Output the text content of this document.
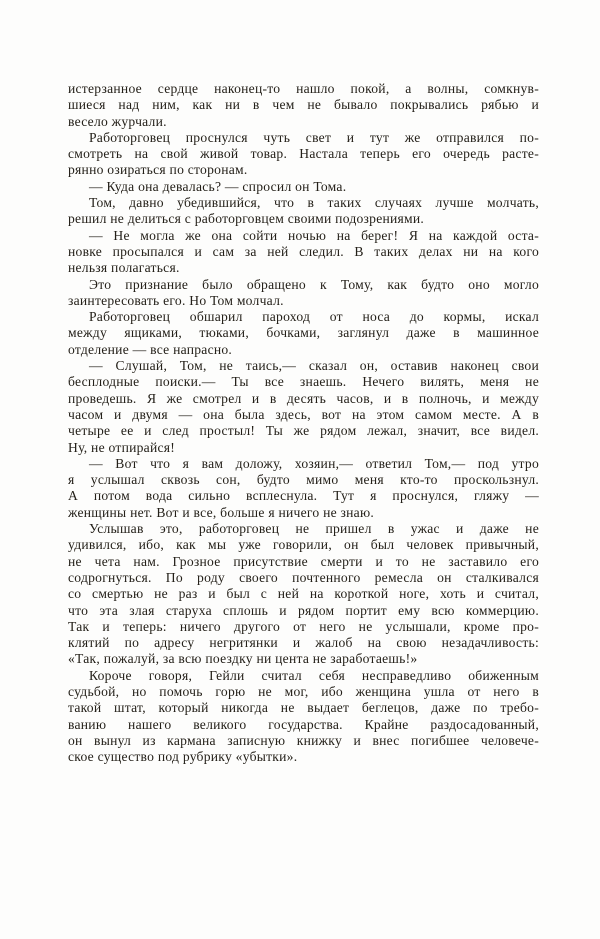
истерзанное сердце наконец-то нашло покой, а волны, сомкнув-
шиеся над ним, как ни в чем не бывало покрывались рябью и
весело журчали.
Работорговец проснулся чуть свет и тут же отправился по-
смотреть на свой живой товар. Настала теперь его очередь расте-
рянно озираться по сторонам.
— Куда она девалась? — спросил он Тома.
Том, давно убедившийся, что в таких случаях лучше молчать,
решил не делиться с работорговцем своими подозрениями.
— Не могла же она сойти ночью на берег! Я на каждой оста-
новке просыпался и сам за ней следил. В таких делах ни на кого
нельзя полагаться.
Это признание было обращено к Тому, как будто оно могло
заинтересовать его. Но Том молчал.
Работорговец обшарил пароход от носа до кормы, искал
между ящиками, тюками, бочками, заглянул даже в машинное
отделение — все напрасно.
— Слушай, Том, не таись,— сказал он, оставив наконец свои
бесплодные поиски.— Ты все знаешь. Нечего вилять, меня не
проведешь. Я же смотрел и в десять часов, и в полночь, и между
часом и двумя — она была здесь, вот на этом самом месте. А в
четыре ее и след простыл! Ты же рядом лежал, значит, все видел.
Ну, не отпирайся!
— Вот что я вам доложу, хозяин,— ответил Том,— под утро
я услышал сквозь сон, будто мимо меня кто-то проскользнул.
А потом вода сильно всплеснула. Тут я проснулся, гляжу —
женщины нет. Вот и все, больше я ничего не знаю.
Услышав это, работорговец не пришел в ужас и даже не
удивился, ибо, как мы уже говорили, он был человек привычный,
не чета нам. Грозное присутствие смерти и то не заставило его
содрогнуться. По роду своего почтенного ремесла он сталкивался
со смертью не раз и был с ней на короткой ноге, хоть и считал,
что эта злая старуха сплошь и рядом портит ему всю коммерцию.
Так и теперь: ничего другого от него не услышали, кроме про-
клятий по адресу негритянки и жалоб на свою незадачливость:
«Так, пожалуй, за всю поездку ни цента не заработаешь!»
Короче говоря, Гейли считал себя несправедливо обиженным
судьбой, но помочь горю не мог, ибо женщина ушла от него в
такой штат, который никогда не выдает беглецов, даже по требо-
ванию нашего великого государства. Крайне раздосадованный,
он вынул из кармана записную книжку и внес погибшее человече-
ское существо под рубрику «убытки».
